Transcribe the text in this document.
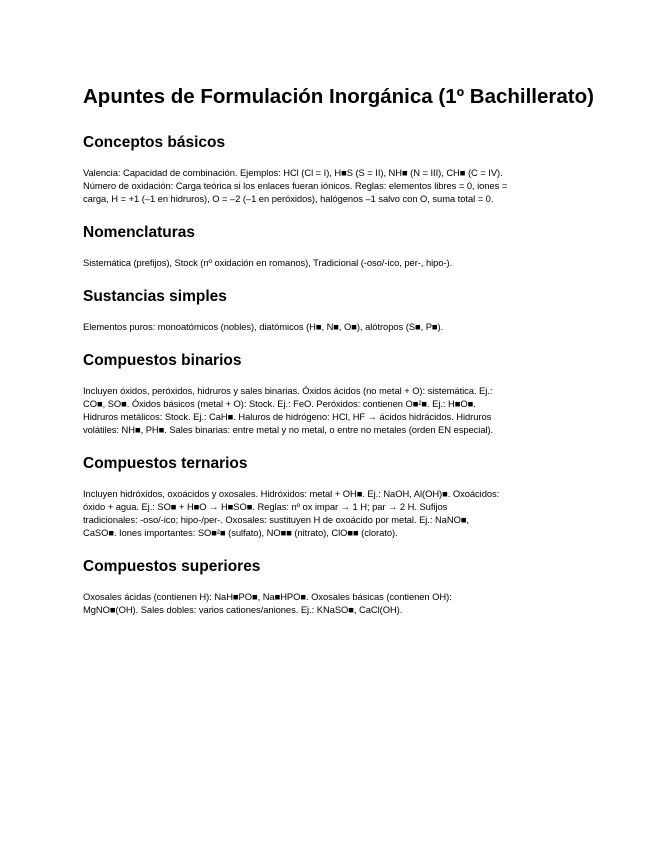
Apuntes de Formulación Inorgánica (1º Bachillerato)
Conceptos básicos

Valencia: Capacidad de combinación. Ejemplos: HCl (Cl = I), H■S (S = II), NH■ (N = III), CH■ (C = IV).
Número de oxidación: Carga teórica si los enlaces fueran iónicos. Reglas: elementos libres = 0, iones =
carga, H = +1 (–1 en hidruros), O = –2 (–1 en peróxidos), halógenos –1 salvo con O, suma total = 0.

Nomenclaturas

Sistemática (prefijos), Stock (nº oxidación en romanos), Tradicional (-oso/-ico, per-, hipo-).

Sustancias simples

Elementos puros: monoatómicos (nobles), diatómicos (H■, N■, O■), alótropos (S■, P■).

Compuestos binarios

Incluyen óxidos, peróxidos, hidruros y sales binarias. Óxidos ácidos (no metal + O): sistemática. Ej.:
CO■, SO■. Óxidos básicos (metal + O): Stock. Ej.: FeO. Peróxidos: contienen O■²■. Ej.: H■O■.
Hidruros metálicos: Stock. Ej.: CaH■. Haluros de hidrógeno: HCl, HF → ácidos hidrácidos. Hidruros
volátiles: NH■, PH■. Sales binarias: entre metal y no metal, o entre no metales (orden EN especial).

Compuestos ternarios

Incluyen hidróxidos, oxoácidos y oxosales. Hidróxidos: metal + OH■. Ej.: NaOH, Al(OH)■. Oxoácidos:
óxido + agua. Ej.: SO■ + H■O → H■SO■. Reglas: nº ox impar → 1 H; par → 2 H. Sufijos
tradicionales: -oso/-ico; hipo-/per-. Oxosales: sustituyen H de oxoácido por metal. Ej.: NaNO■,
CaSO■. Iones importantes: SO■²■ (sulfato), NO■■ (nitrato), ClO■■ (clorato).

Compuestos superiores

Oxosales ácidas (contienen H): NaH■PO■, Na■HPO■. Oxosales básicas (contienen OH):
MgNO■(OH). Sales dobles: varios cationes/aniones. Ej.: KNaSO■, CaCl(OH).
